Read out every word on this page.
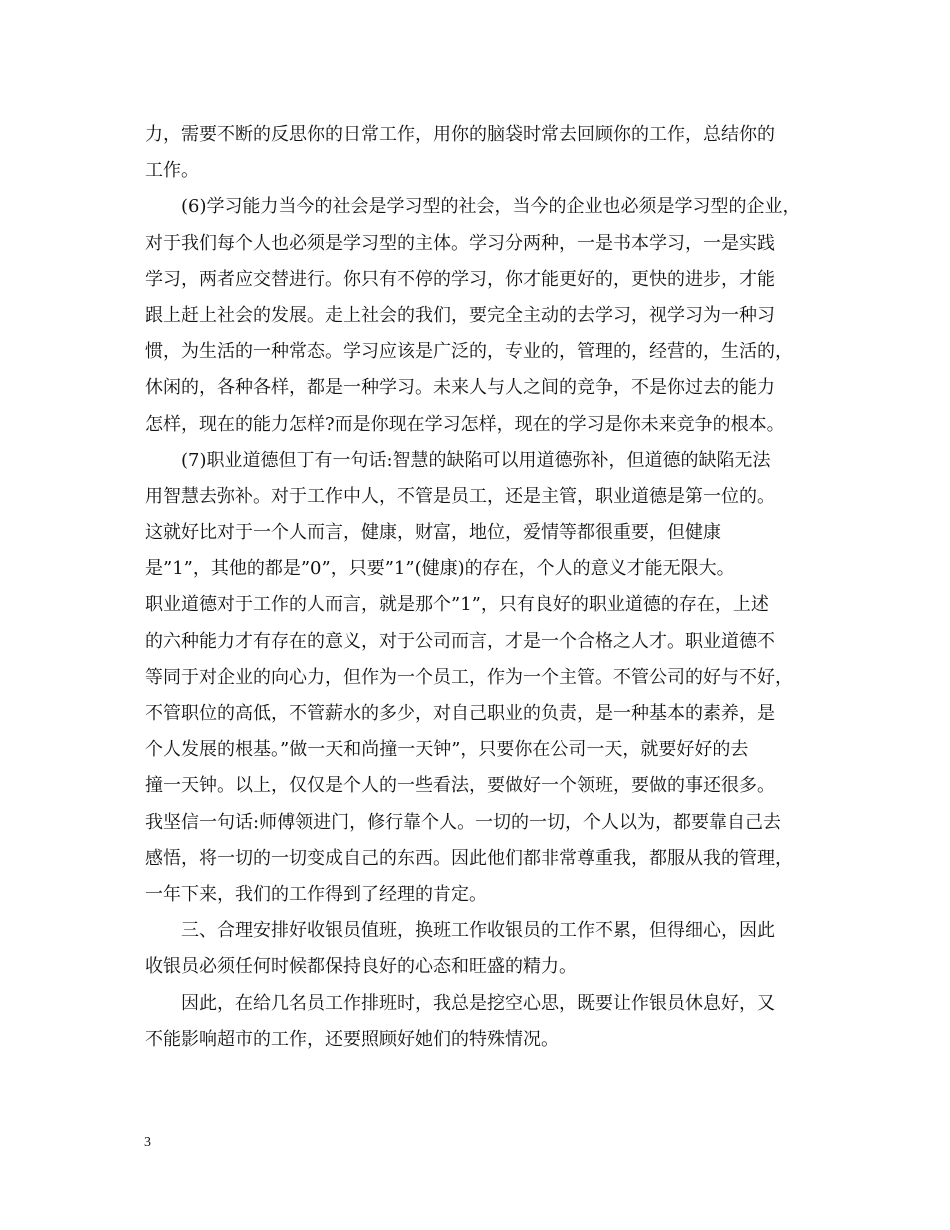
力，需要不断的反思你的日常工作，用你的脑袋时常去回顾你的工作，总结你的
工作。
　　(6)学习能力当今的社会是学习型的社会，当今的企业也必须是学习型的企业，
对于我们每个人也必须是学习型的主体。学习分两种，一是书本学习，一是实践
学习，两者应交替进行。你只有不停的学习，你才能更好的，更快的进步，才能
跟上赶上社会的发展。走上社会的我们，要完全主动的去学习，视学习为一种习
惯，为生活的一种常态。学习应该是广泛的，专业的，管理的，经营的，生活的，
休闲的，各种各样，都是一种学习。未来人与人之间的竞争，不是你过去的能力
怎样，现在的能力怎样?而是你现在学习怎样，现在的学习是你未来竞争的根本。
　　(7)职业道德但丁有一句话:智慧的缺陷可以用道德弥补，但道德的缺陷无法
用智慧去弥补。对于工作中人，不管是员工，还是主管，职业道德是第一位的。
这就好比对于一个人而言，健康，财富，地位，爱情等都很重要，但健康
是”1”，其他的都是”0”，只要”1”(健康)的存在，个人的意义才能无限大。
职业道德对于工作的人而言，就是那个”1”，只有良好的职业道德的存在，上述
的六种能力才有存在的意义，对于公司而言，才是一个合格之人才。职业道德不
等同于对企业的向心力，但作为一个员工，作为一个主管。不管公司的好与不好，
不管职位的高低，不管薪水的多少，对自己职业的负责，是一种基本的素养，是
个人发展的根基。”做一天和尚撞一天钟”，只要你在公司一天，就要好好的去
撞一天钟。以上，仅仅是个人的一些看法，要做好一个领班，要做的事还很多。
我坚信一句话:师傅领进门，修行靠个人。一切的一切，个人以为，都要靠自己去
感悟，将一切的一切变成自己的东西。因此他们都非常尊重我，都服从我的管理，
一年下来，我们的工作得到了经理的肯定。
　　三、合理安排好收银员值班，换班工作收银员的工作不累，但得细心，因此
收银员必须任何时候都保持良好的心态和旺盛的精力。
　　因此，在给几名员工作排班时，我总是挖空心思，既要让作银员休息好，又
不能影响超市的工作，还要照顾好她们的特殊情况。
3
